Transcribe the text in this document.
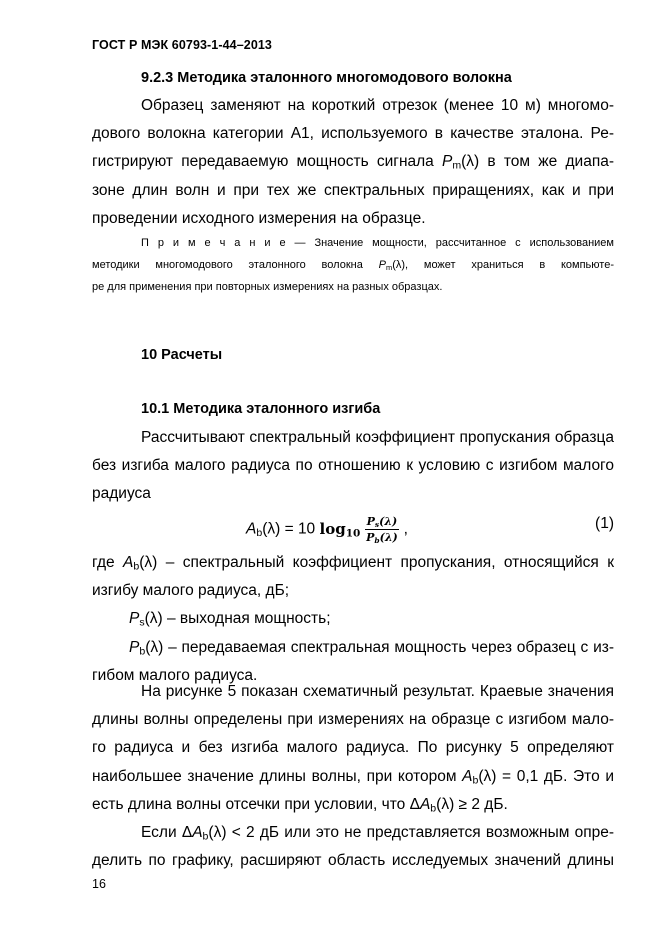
ГОСТ Р МЭК 60793-1-44–2013
9.2.3 Методика эталонного многомодового волокна
Образец заменяют на короткий отрезок (менее 10 м) многомо-
дового волокна категории А1, используемого в качестве эталона. Ре-
гистрируют передаваемую мощность сигнала $P_m(\lambda)$ в том же диапа-
зоне длин волн и при тех же спектральных приращениях, как и при
проведении исходного измерения на образце.
П р и м е ч а н и е — Значение мощности, рассчитанное с использованием
методики многомодового эталонного волокна $P_m(\lambda)$, может храниться в компьюте-
ре для применения при повторных измерениях на разных образцах.
10 Расчеты
10.1 Методика эталонного изгиба
Рассчитывают спектральный коэффициент пропускания образца
без изгиба малого радиуса по отношению к условию с изгибом малого
радиуса
$A_b(\lambda) = 10$ $\log_{10} \frac{P_s(\lambda)}{P_b(\lambda)}$ ,	(1)
где $A_b(\lambda)$ – спектральный коэффициент пропускания, относящийся к
изгибу малого радиуса, дБ;
$P_s(\lambda)$ – выходная мощность;
$P_b(\lambda)$ – передаваемая спектральная мощность через образец с из-
гибом малого радиуса.
На рисунке 5 показан схематичный результат. Краевые значения
длины волны определены при измерениях на образце с изгибом мало-
го радиуса и без изгиба малого радиуса. По рисунку 5 определяют
наибольшее значение длины волны, при котором $A_b(\lambda) = 0,1$ дБ. Это и
есть длина волны отсечки при условии, что $\Delta A_b(\lambda) \ge 2$ дБ.
Если $\Delta A_b(\lambda) < 2$ дБ или это не представляется возможным опре-
делить по графику, расширяют область исследуемых значений длины
16
